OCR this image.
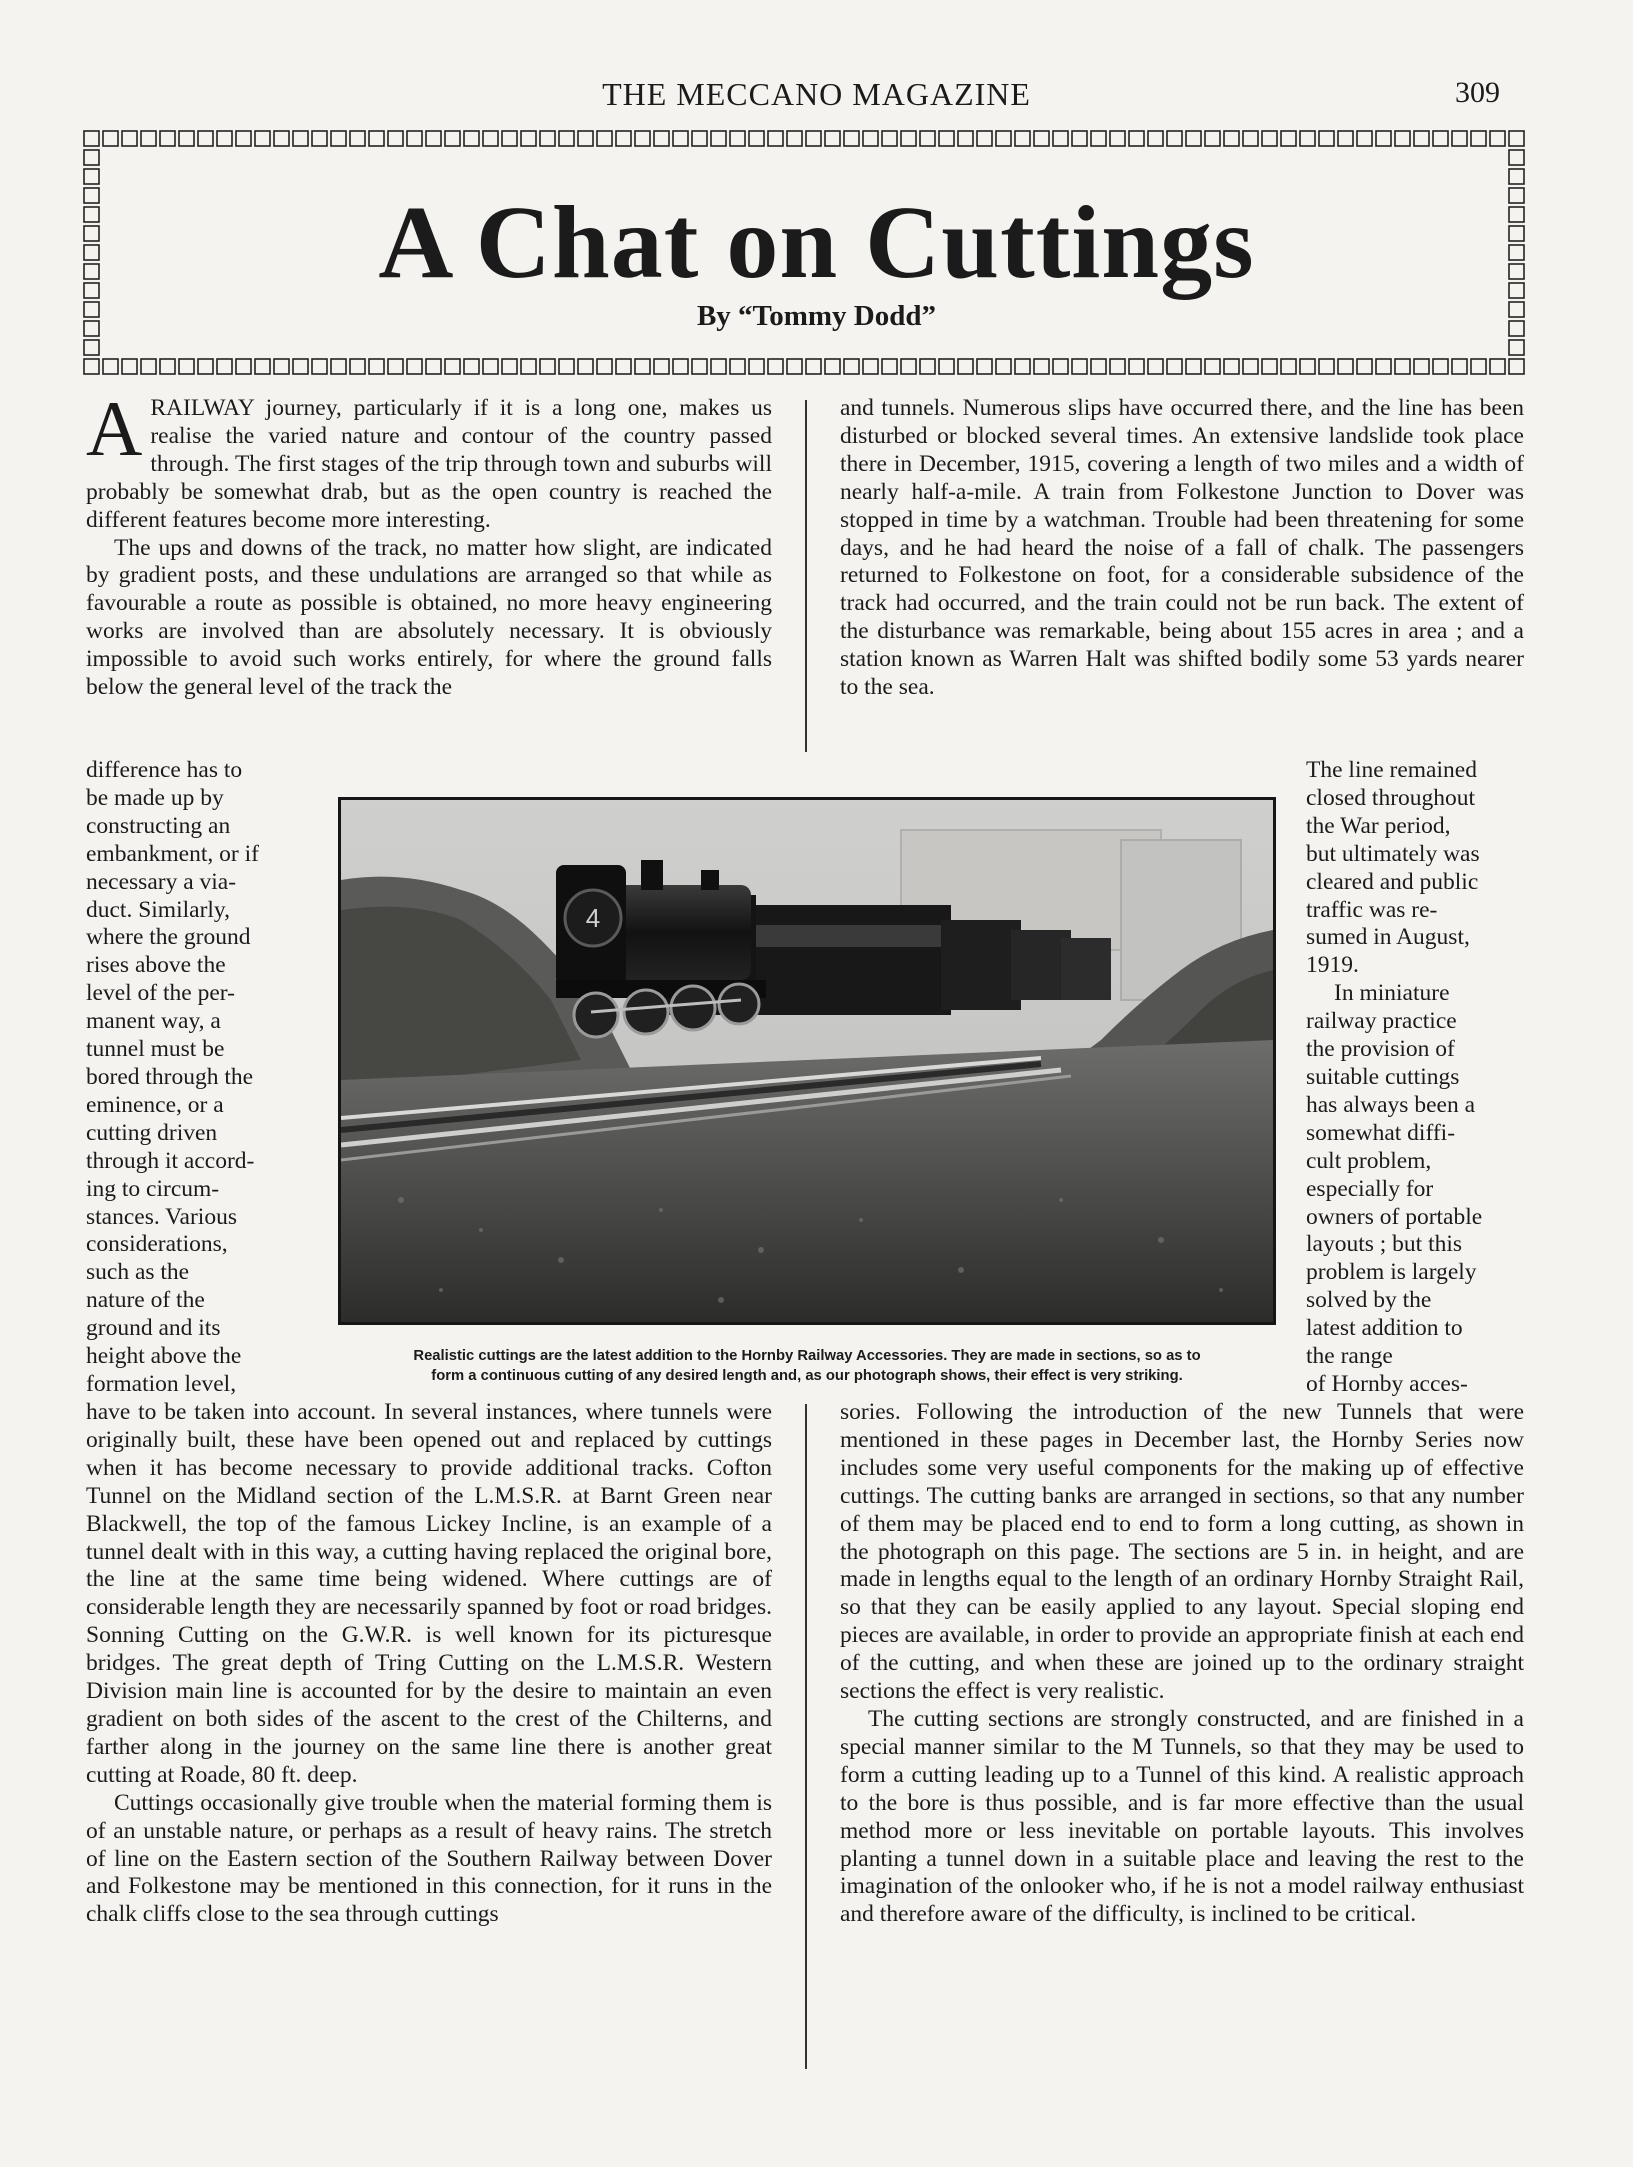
THE MECCANO MAGAZINE	309
A Chat on Cuttings
By “Tommy Dodd”

ARAILWAY journey, particularly if it is a long one, makes us realise the varied nature and contour of the country passed through. The first stages of the trip through town and suburbs will probably be somewhat drab, but as the open country is reached the different features become more interesting.

The ups and downs of the track, no matter how slight, are indicated by gradient posts, and these undulations are arranged so that while as favourable a route as possible is obtained, no more heavy engineering works are involved than are absolutely necessary. It is obviously impossible to avoid such works entirely, for where the ground falls below the general level of the track the

difference has to
be made up by
constructing an
embankment, or if
necessary a via-
duct. Similarly,
where the ground
rises above the
level of the per-
manent way, a
tunnel must be
bored through the
eminence, or a
cutting driven
through it accord-
ing to circum-
stances. Various
considerations,
such as the
nature of the
ground and its
height above the
formation level,

have to be taken into account. In several instances, where tunnels were originally built, these have been opened out and replaced by cuttings when it has become necessary to provide additional tracks. Cofton Tunnel on the Midland section of the L.M.S.R. at Barnt Green near Blackwell, the top of the famous Lickey Incline, is an example of a tunnel dealt with in this way, a cutting having replaced the original bore, the line at the same time being widened. Where cuttings are of considerable length they are necessarily spanned by foot or road bridges. Sonning Cutting on the G.W.R. is well known for its picturesque bridges. The great depth of Tring Cutting on the L.M.S.R. Western Division main line is accounted for by the desire to maintain an even gradient on both sides of the ascent to the crest of the Chilterns, and farther along in the journey on the same line there is another great cutting at Roade, 80 ft. deep.

Cuttings occasionally give trouble when the material forming them is of an unstable nature, or perhaps as a result of heavy rains. The stretch of line on the Eastern section of the Southern Railway between Dover and Folkestone may be mentioned in this connection, for it runs in the chalk cliffs close to the sea through cuttings

and tunnels. Numerous slips have occurred there, and the line has been disturbed or blocked several times. An extensive landslide took place there in December, 1915, covering a length of two miles and a width of nearly half-a-mile. A train from Folkestone Junction to Dover was stopped in time by a watchman. Trouble had been threatening for some days, and he had heard the noise of a fall of chalk. The passengers returned to Folkestone on foot, for a considerable subsidence of the track had occurred, and the train could not be run back. The extent of the disturbance was remarkable, being about 155 acres in area ; and a station known as Warren Halt was shifted bodily some 53 yards nearer to the sea.

The line remained
closed throughout
the War period,
but ultimately was
cleared and public
traffic was re-
sumed in August,
1919.
In miniature
railway practice
the provision of
suitable cuttings
has always been a
somewhat diffi-
cult problem,
especially for
owners of portable
layouts ; but this
problem is largely
solved by the
latest addition to
the range
of Hornby acces-

sories. Following the introduction of the new Tunnels that were mentioned in these pages in December last, the Hornby Series now includes some very useful components for the making up of effective cuttings. The cutting banks are arranged in sections, so that any number of them may be placed end to end to form a long cutting, as shown in the photograph on this page. The sections are 5 in. in height, and are made in lengths equal to the length of an ordinary Hornby Straight Rail, so that they can be easily applied to any layout. Special sloping end pieces are available, in order to provide an appropriate finish at each end of the cutting, and when these are joined up to the ordinary straight sections the effect is very realistic.

The cutting sections are strongly constructed, and are finished in a special manner similar to the M Tunnels, so that they may be used to form a cutting leading up to a Tunnel of this kind. A realistic approach to the bore is thus possible, and is far more effective than the usual method more or less inevitable on portable layouts. This involves planting a tunnel down in a suitable place and leaving the rest to the imagination of the onlooker who, if he is not a model railway enthusiast and therefore aware of the difficulty, is inclined to be critical.

4
Realistic cuttings are the latest addition to the Hornby Railway Accessories. They are made in sections, so as to
form a continuous cutting of any desired length and, as our photograph shows, their effect is very striking.
